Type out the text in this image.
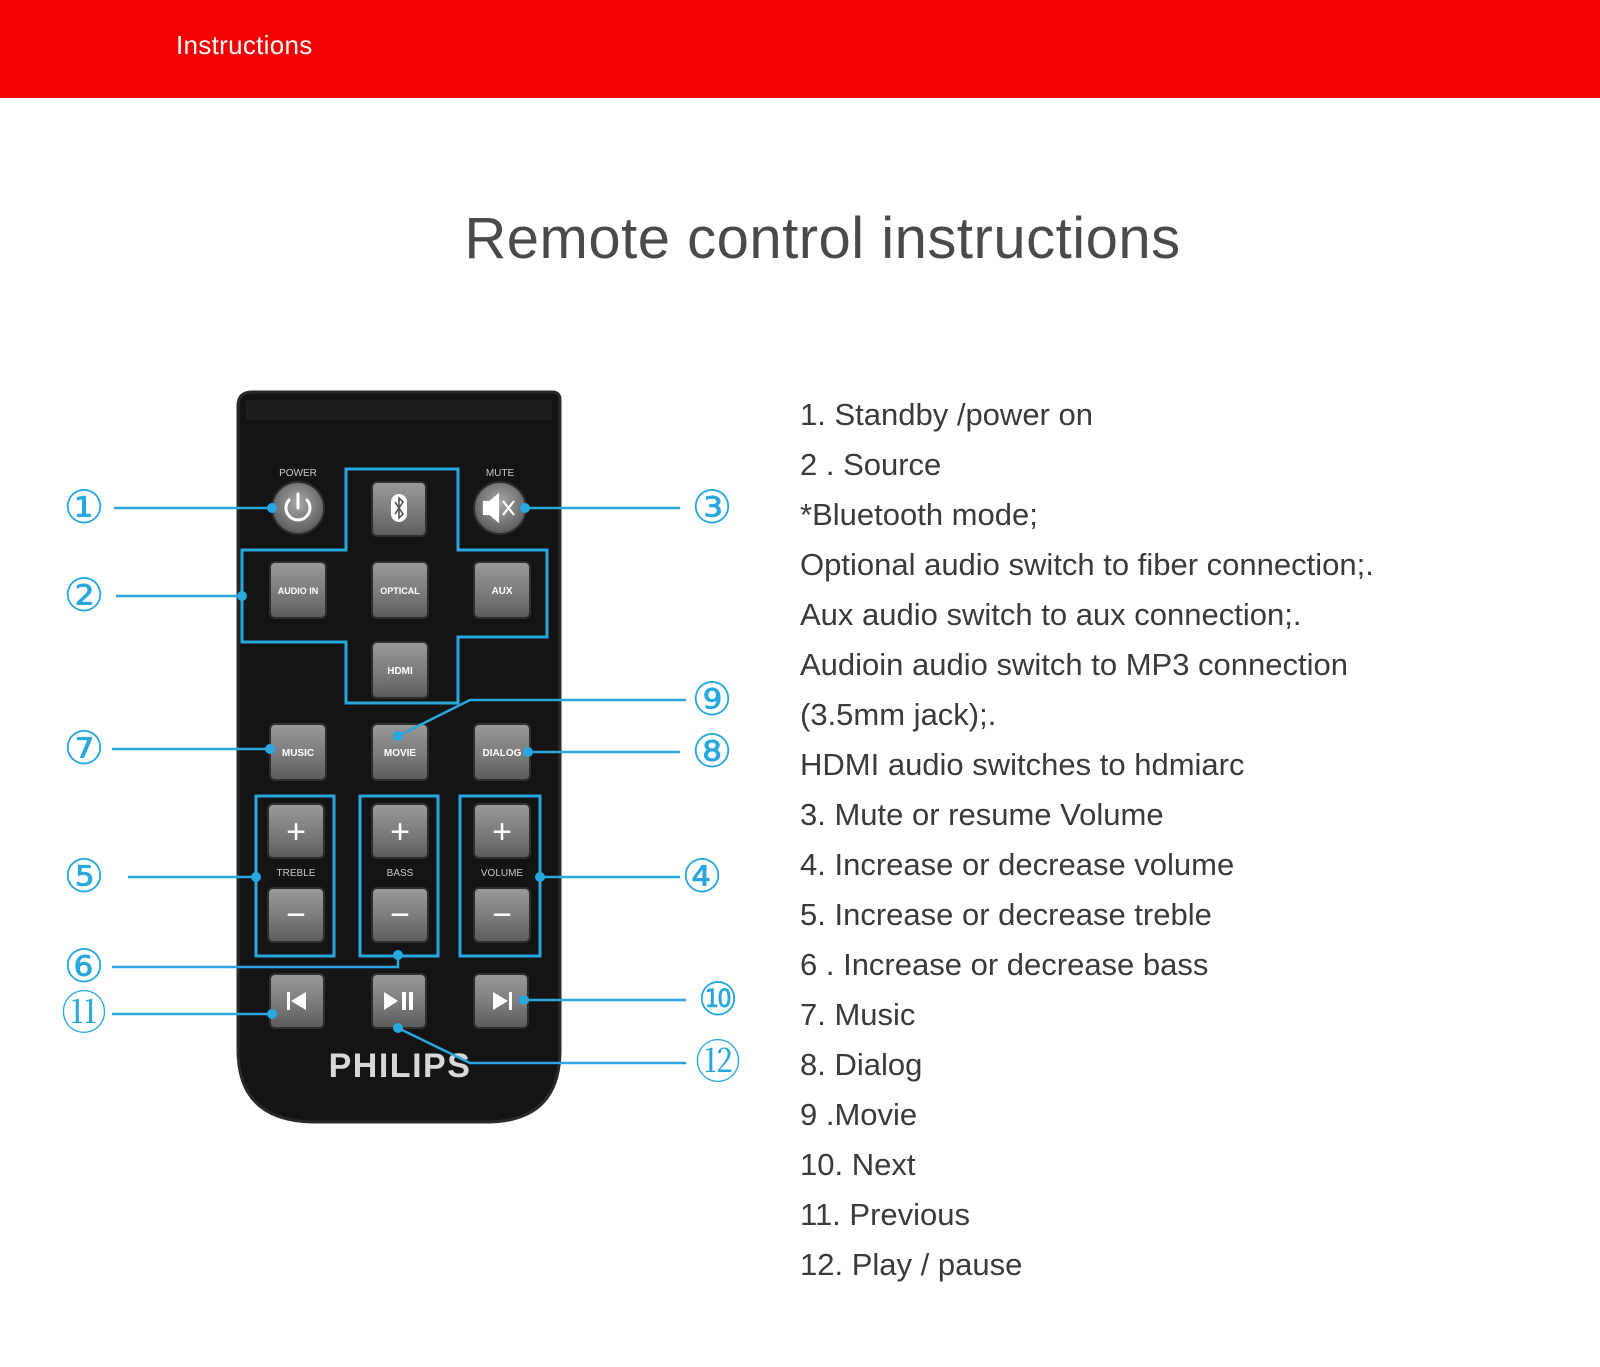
Instructions
Remote control instructions
POWER	MUTE
AUDIO IN	OPTICAL	AUX
HDMI
MUSIC	MOVIE	DIALOG
+
TREBLE
−
+
BASS
−
+
VOLUME
−
PHILIPS
①
②
③
④
⑤
⑥
⑦	⑧
⑨
⑩
⑪
⑫
1. Standby /power on
2 . Source
*Bluetooth mode;
Optional audio switch to fiber connection;.
Aux audio switch to aux connection;.
Audioin audio switch to MP3 connection
(3.5mm jack);.
HDMI audio switches to hdmiarc
3. Mute or resume Volume
4. Increase or decrease volume
5. Increase or decrease treble
6 . Increase or decrease bass
7. Music
8. Dialog
9 .Movie
10. Next
11. Previous
12. Play / pause
